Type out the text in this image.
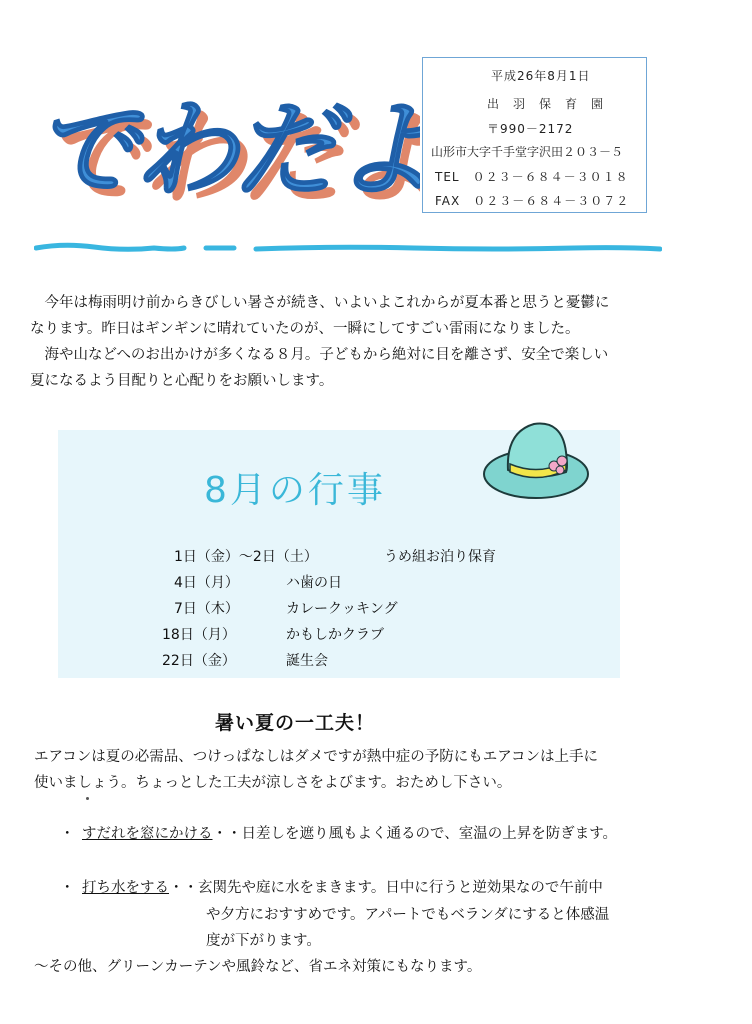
でわだ
でわだ
平成26年8月1日
出　羽　保　育　園
〒990－2172
山形市大字千手堂字沢田２０３－５
TEL　０２３－６８４－３０１８
FAX　０２３－６８４－３０７２

　今年は梅雨明け前からきびしい暑さが続き、いよいよこれからが夏本番と思うと憂鬱に

なります。昨日はギンギンに晴れていたのが、一瞬にしてすごい雷雨になりました。

　海や山などへのお出かけが多くなる８月。子どもから絶対に目を離さず、安全で楽しい

夏になるよう目配りと心配りをお願いします。

8月の行事
1日（金）～2日（土）	うめ組お泊り保育
4日（月）	ハ歯の日
7日（木）	カレークッキング
18日（月）	かもしかクラブ
22日（金）	誕生会
暑い夏の一工夫！

エアコンは夏の必需品、つけっぱなしはダメですが熱中症の予防にもエアコンは上手に

使いましょう。ちょっとした工夫が涼しさをよびます。おためし下さい。

・ すだれを窓にかける・・日差しを遮り風もよく通るので、室温の上昇を防ぎます。
・ 打ち水をする・・玄関先や庭に水をまきます。日中に行うと逆効果なので午前中
や夕方におすすめです。アパートでもベランダにすると体感温
度が下がります。
～その他、グリーンカーテンや風鈴など、省エネ対策にもなります。
